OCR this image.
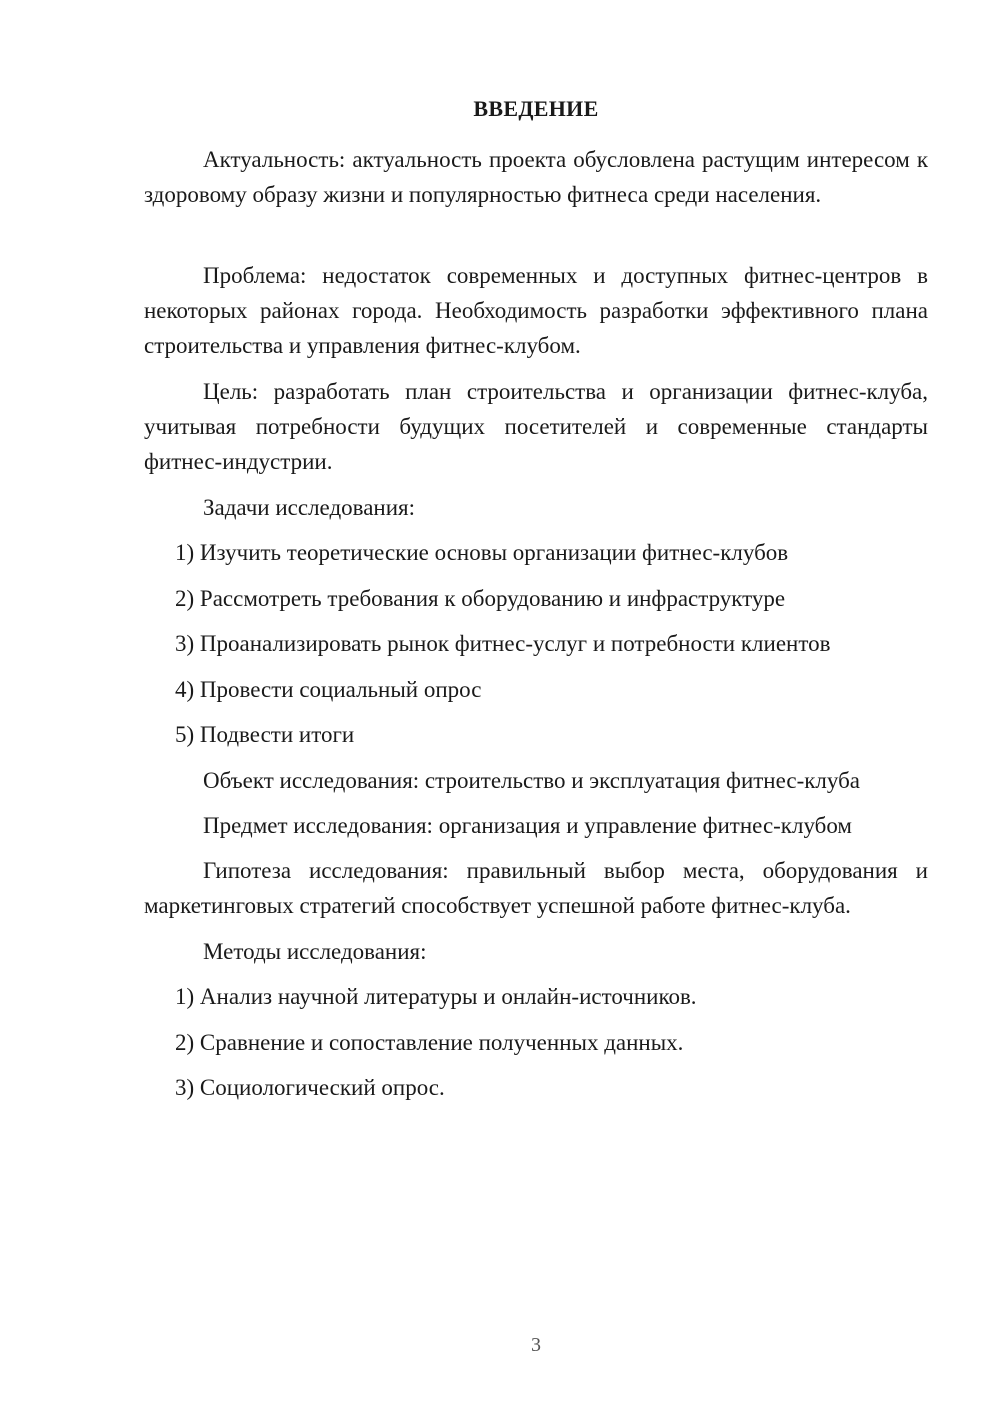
ВВЕДЕНИЕ

Актуальность: актуальность проекта обусловлена растущим интересом к здоровому образу жизни и популярностью фитнеса среди населения.

Проблема: недостаток современных и доступных фитнес-центров в некоторых районах города. Необходимость разработки эффективного плана строительства и управления фитнес-клубом.

Цель: разработать план строительства и организации фитнес-клуба, учитывая потребности будущих посетителей и современные стандарты фитнес-индустрии.

Задачи исследования:
1) Изучить теоретические основы организации фитнес-клубов
2) Рассмотреть требования к оборудованию и инфраструктуре
3) Проанализировать рынок фитнес-услуг и потребности клиентов
4) Провести социальный опрос
5) Подвести итоги
Объект исследования: строительство и эксплуатация фитнес-клуба
Предмет исследования: организация и управление фитнес-клубом

Гипотеза исследования: правильный выбор места, оборудования и маркетинговых стратегий способствует успешной работе фитнес-клуба.

Методы исследования:
1) Анализ научной литературы и онлайн-источников.
2) Сравнение и сопоставление полученных данных.
3) Социологический опрос.
3
